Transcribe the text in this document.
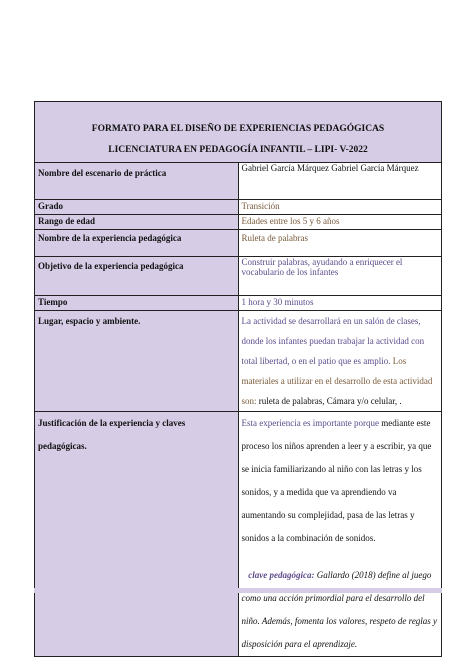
FORMATO PARA EL DISEÑO DE EXPERIENCIAS PEDAGÓGICAS
LICENCIATURA EN PEDAGOGÍA INFANTIL – LIPI- V-2022	

Nombre del escenario de práctica	Gabriel García Márquez Gabriel García Márquez
Grado	Transición
Rango de edad	Edades entre los 5 y 6 años
Nombre de la experiencia pedagógica	Ruleta de palabras
Objetivo de la experiencia pedagógica	Construir palabras, ayudando a enriquecer el vocabulario de los infantes
Tiempo	1 hora y 30 minutos
Lugar, espacio y ambiente.	La actividad se desarrollará en un salón de clases, donde los infantes puedan trabajar la actividad con total libertad, o en el patio que es amplio. Los materiales a utilizar en el desarrollo de esta actividad son: ruleta de palabras, Cámara y/o celular, .
Justificación de la experiencia y claves pedagógicas.	Esta experiencia es importante porque mediante este proceso los niños aprenden a leer y a escribir, ya que se inicia familiarizando al niño con las letras y los sonidos, y a medida que va aprendiendo va aumentando su complejidad, pasa de las letras y sonidos a la combinación de sonidos.
clave pedagógica: Gallardo (2018) define al juego como una acción primordial para el desarrollo del niño. Además, fomenta los valores, respeto de reglas y disposición para el aprendizaje.
